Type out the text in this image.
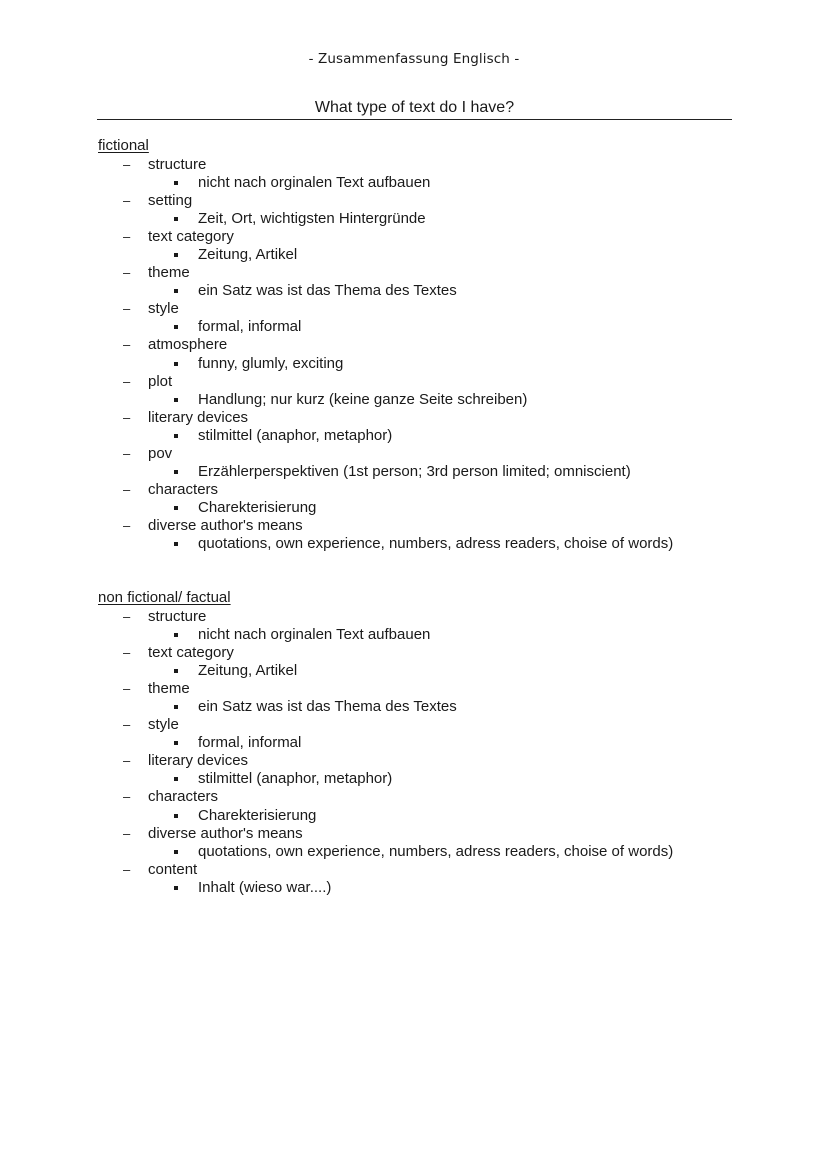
- Zusammenfassung Englisch -
What type of text do I have?
fictional
– structure
nicht nach orginalen Text aufbauen
– setting
Zeit, Ort, wichtigsten Hintergründe
– text category
Zeitung, Artikel
– theme
ein Satz was ist das Thema des Textes
– style
formal, informal
– atmosphere
funny, glumly, exciting
– plot
Handlung; nur kurz (keine ganze Seite schreiben)
– literary devices
stilmittel (anaphor, metaphor)
– pov
Erzählerperspektiven (1st person; 3rd person limited; omniscient)
– characters
Charekterisierung
– diverse author's means
quotations, own experience, numbers, adress readers, choise of words)
non fictional/ factual
– structure
nicht nach orginalen Text aufbauen
– text category
Zeitung, Artikel
– theme
ein Satz was ist das Thema des Textes
– style
formal, informal
– literary devices
stilmittel (anaphor, metaphor)
– characters
Charekterisierung
– diverse author's means
quotations, own experience, numbers, adress readers, choise of words)
– content
Inhalt (wieso war....)
